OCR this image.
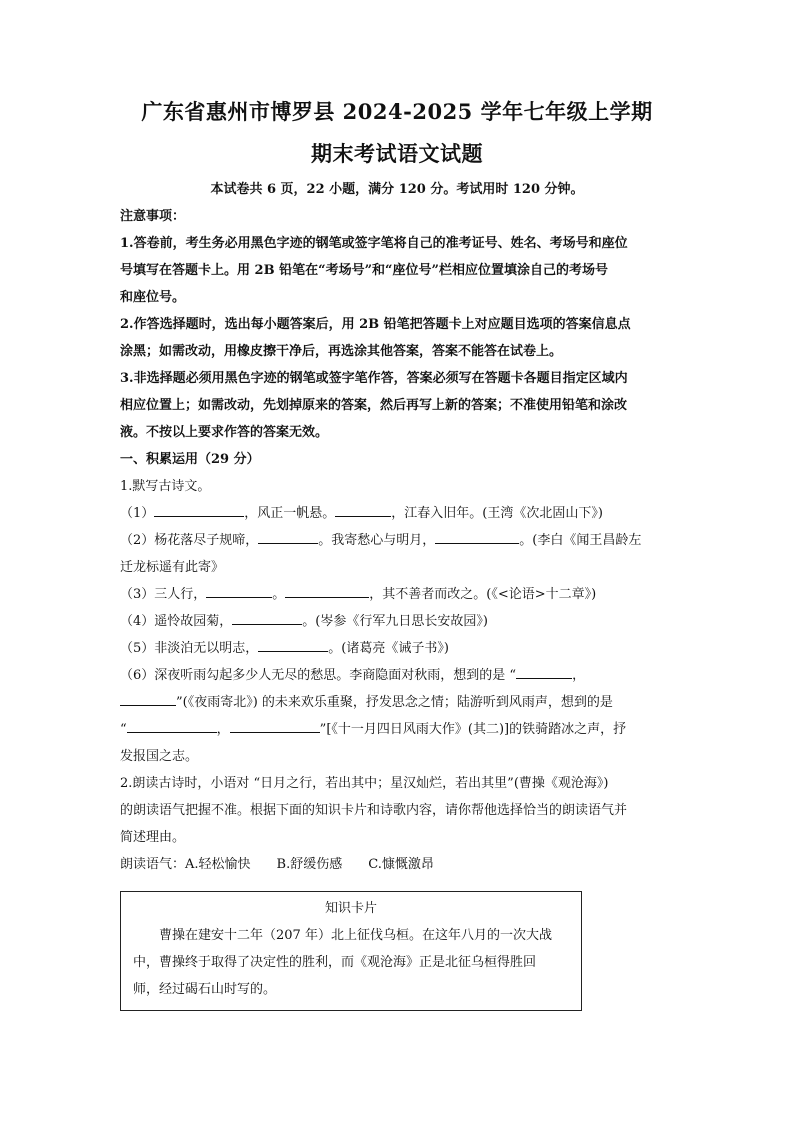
广东省惠州市博罗县 2024-2025 学年七年级上学期
期末考试语文试题
本试卷共 6 页，22 小题，满分 120 分。考试用时 120 分钟。
注意事项：
1.答卷前，考生务必用黑色字迹的钢笔或签字笔将自己的准考证号、姓名、考场号和座位
号填写在答题卡上。用 2B 铅笔在“考场号”和“座位号”栏相应位置填涂自己的考场号
和座位号。
2.作答选择题时，选出每小题答案后，用 2B 铅笔把答题卡上对应题目选项的答案信息点
涂黑；如需改动，用橡皮擦干净后，再选涂其他答案，答案不能答在试卷上。
3.非选择题必须用黑色字迹的钢笔或签字笔作答，答案必须写在答题卡各题目指定区域内
相应位置上；如需改动，先划掉原来的答案，然后再写上新的答案；不准使用铅笔和涂改
液。不按以上要求作答的答案无效。
一、积累运用（29 分）
1.默写古诗文。
（1）	，风正一帆悬。	，江春入旧年。(王湾《次北固山下》)
（2）杨花落尽子规啼，	。我寄愁心与明月，	。(李白《闻王昌龄左
迁龙标遥有此寄》
（3）三人行，	。	，其不善者而改之。(《<论语>十二章》)
（4）遥怜故园菊，	。(岑参《行军九日思长安故园》)
（5）非淡泊无以明志，	。(诸葛亮《诫子书》)
（6）深夜听雨勾起多少人无尽的愁思。李商隐面对秋雨，想到的是 “	，
”(《夜雨寄北》) 的未来欢乐重聚，抒发思念之情；陆游听到风雨声，想到的是
“	，	”[《十一月四日风雨大作》(其二)]的铁骑踏冰之声，抒
发报国之志。
2.朗读古诗时，小语对 “日月之行，若出其中；星汉灿烂，若出其里”(曹操《观沧海》)
的朗读语气把握不准。根据下面的知识卡片和诗歌内容，请你帮他选择恰当的朗读语气并
简述理由。
朗读语气：A.轻松愉快 B.舒缓伤感 C.慷慨激昂
知识卡片
曹操在建安十二年（207 年）北上征伐乌桓。在这年八月的一次大战
中，曹操终于取得了决定性的胜利，而《观沧海》正是北征乌桓得胜回
师，经过碣石山时写的。
